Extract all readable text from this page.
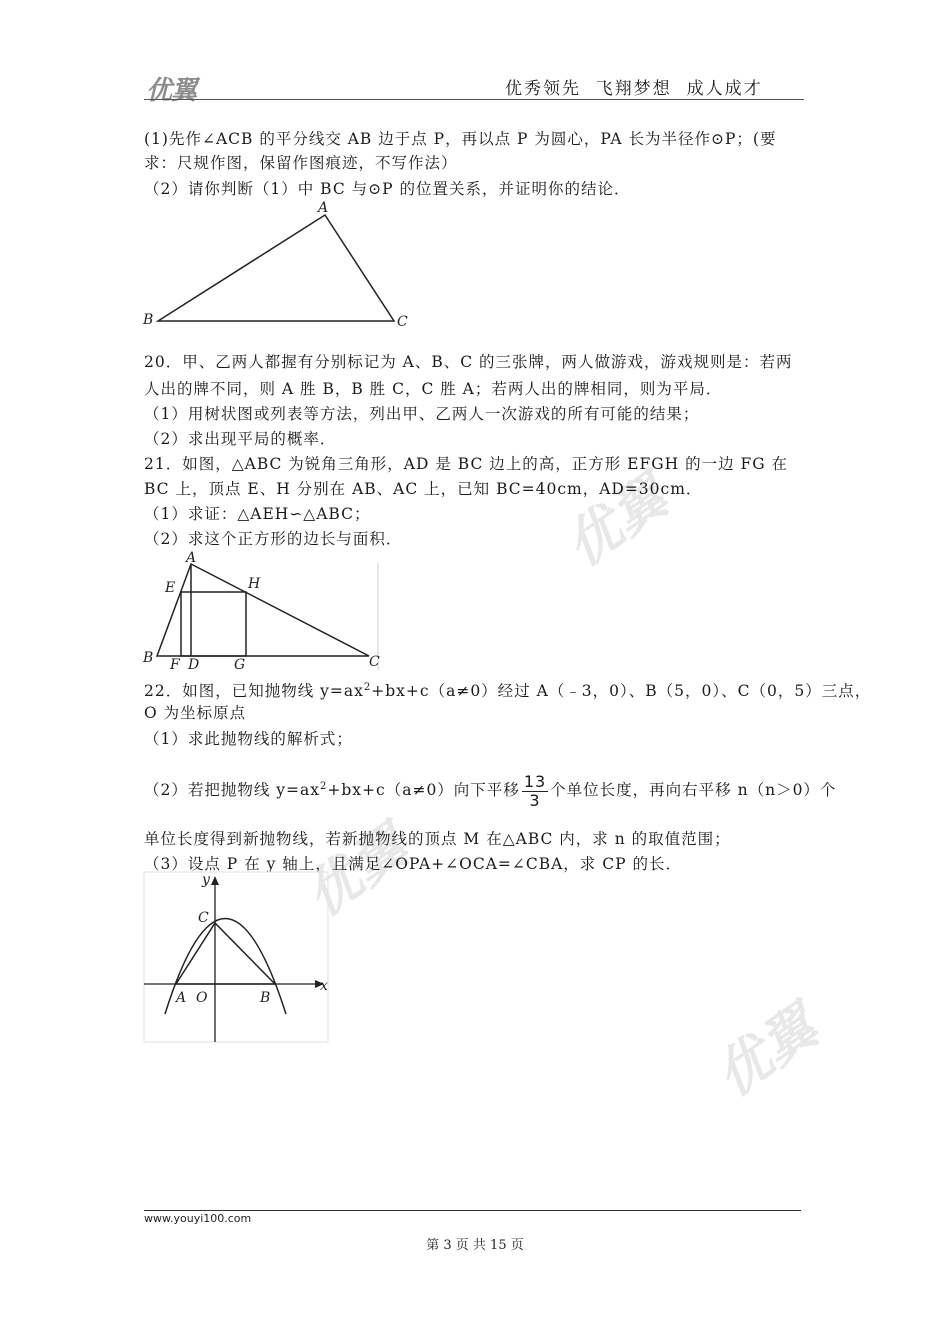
优翼	优秀领先  飞翔梦想  成人成才
优翼
优翼
优翼
(1)先作∠ACB 的平分线交 AB 边于点 P，再以点 P 为圆心，PA 长为半径作⊙P；(要
求：尺规作图，保留作图痕迹，不写作法）
（2）请你判断（1）中 BC 与⊙P 的位置关系，并证明你的结论．
A
B	C
20．甲、乙两人都握有分别标记为 A、B、C 的三张牌，两人做游戏，游戏规则是：若两
人出的牌不同，则 A 胜 B，B 胜 C，C 胜 A；若两人出的牌相同，则为平局．
（1）用树状图或列表等方法，列出甲、乙两人一次游戏的所有可能的结果；
（2）求出现平局的概率．
21．如图，△ABC 为锐角三角形，AD 是 BC 边上的高，正方形 EFGH 的一边 FG 在
BC 上，顶点 E、H 分别在 AB、AC 上，已知 BC=40cm，AD=30cm．
（1）求证：△AEH∽△ABC；
（2）求这个正方形的边长与面积．
A
E	H
B F D G	C
22．如图，已知抛物线 $y=ax^2+bx+c(a\ne 0)$经过 A（﹣3，0）、B（5，0）、C（0，5）三点，
O 为坐标原点
（1）求此抛物线的解析式；
（2）若把抛物线 $y=ax^2+bx+c(a\ne 0)$向下平移 $\frac{13}{3}$ 个单位长度，再向右平移 n（n＞0）个
单位长度得到新抛物线，若新抛物线的顶点 M 在△ABC 内，求 n 的取值范围；
（3）设点 P 在 y 轴上，且满足∠OPA+∠OCA=∠CBA，求 CP 的长．
y
x
C
A O	B
www.youyi100.com
第 3 页 共 15 页
